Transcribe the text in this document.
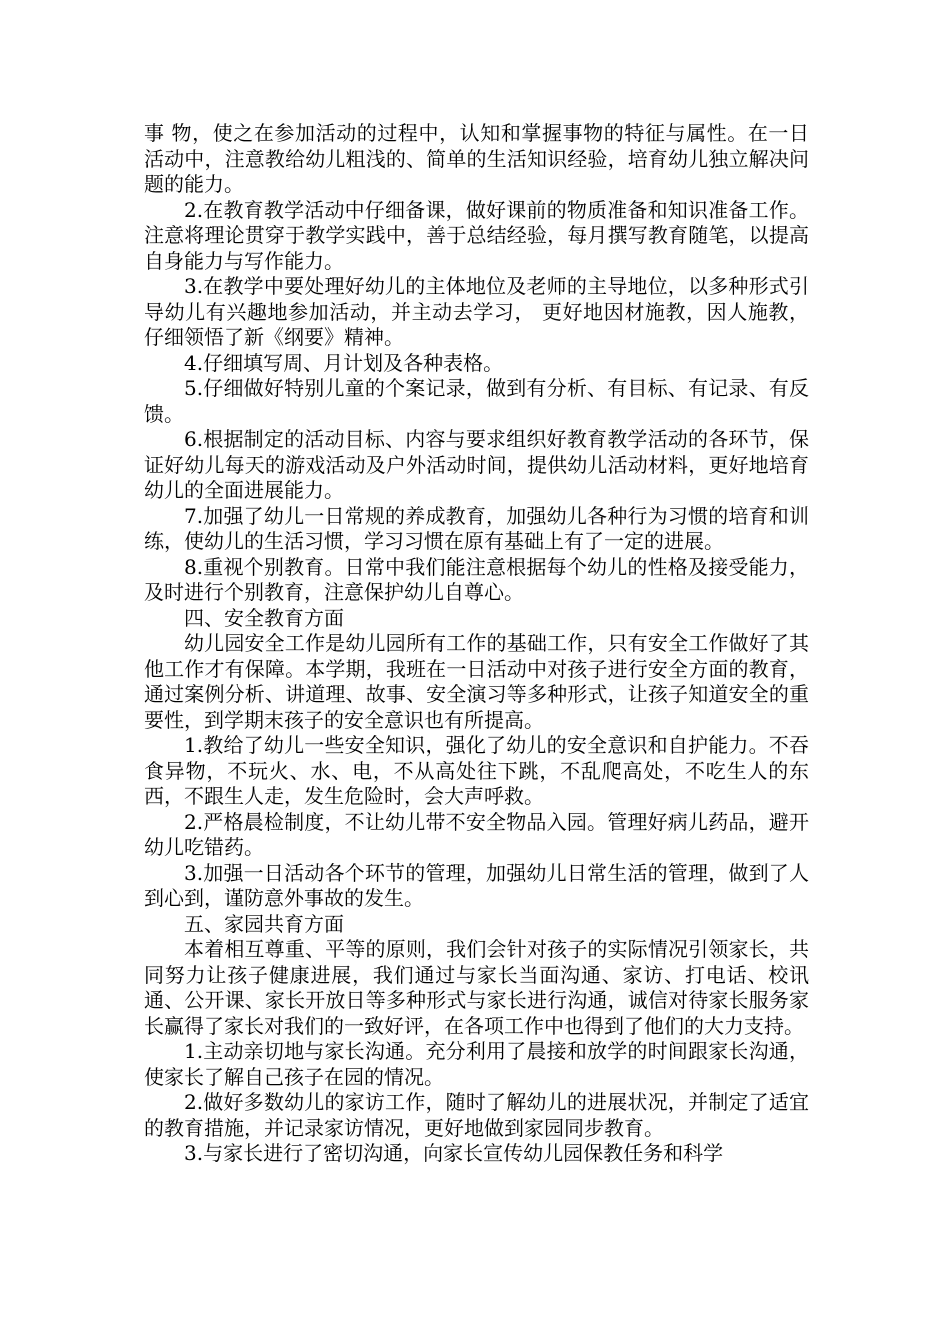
事 物，使之在参加活动的过程中，认知和掌握事物的特征与属性。在一日活动中，注意教给幼儿粗浅的、简单的生活知识经验，培育幼儿独立解决问题的能力。

2.在教育教学活动中仔细备课，做好课前的物质准备和知识准备工作。注意将理论贯穿于教学实践中，善于总结经验，每月撰写教育随笔，以提高自身能力与写作能力。

3.在教学中要处理好幼儿的主体地位及老师的主导地位，以多种形式引导幼儿有兴趣地参加活动，并主动去学习， 更好地因材施教，因人施教，仔细领悟了新《纲要》精神。

4.仔细填写周、月计划及各种表格。

5.仔细做好特别儿童的个案记录，做到有分析、有目标、有记录、有反馈。

6.根据制定的活动目标、内容与要求组织好教育教学活动的各环节，保证好幼儿每天的游戏活动及户外活动时间，提供幼儿活动材料，更好地培育幼儿的全面进展能力。

7.加强了幼儿一日常规的养成教育，加强幼儿各种行为习惯的培育和训练，使幼儿的生活习惯，学习习惯在原有基础上有了一定的进展。

8.重视个别教育。日常中我们能注意根据每个幼儿的性格及接受能力，及时进行个别教育，注意保护幼儿自尊心。

四、安全教育方面

幼儿园安全工作是幼儿园所有工作的基础工作，只有安全工作做好了其他工作才有保障。本学期，我班在一日活动中对孩子进行安全方面的教育，通过案例分析、讲道理、故事、安全演习等多种形式，让孩子知道安全的重要性，到学期末孩子的安全意识也有所提高。

1.教给了幼儿一些安全知识，强化了幼儿的安全意识和自护能力。不吞食异物，不玩火、水、电，不从高处往下跳，不乱爬高处，不吃生人的东西，不跟生人走，发生危险时，会大声呼救。

2.严格晨检制度，不让幼儿带不安全物品入园。管理好病儿药品，避开幼儿吃错药。

3.加强一日活动各个环节的管理，加强幼儿日常生活的管理，做到了人到心到，谨防意外事故的发生。

五、家园共育方面

本着相互尊重、平等的原则，我们会针对孩子的实际情况引领家长，共同努力让孩子健康进展，我们通过与家长当面沟通、家访、打电话、校讯通、公开课、家长开放日等多种形式与家长进行沟通，诚信对待家长服务家长赢得了家长对我们的一致好评，在各项工作中也得到了他们的大力支持。

1.主动亲切地与家长沟通。充分利用了晨接和放学的时间跟家长沟通，使家长了解自己孩子在园的情况。

2.做好多数幼儿的家访工作，随时了解幼儿的进展状况，并制定了适宜的教育措施，并记录家访情况，更好地做到家园同步教育。

3.与家长进行了密切沟通，向家长宣传幼儿园保教任务和科学
